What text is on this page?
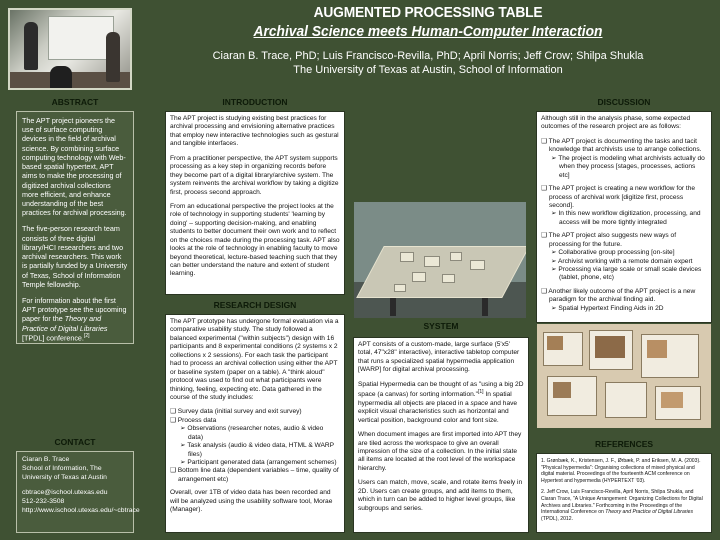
AUGMENTED PROCESSING TABLE
Archival Science meets Human-Computer Interaction
Ciaran B. Trace, PhD; Luis Francisco-Revilla, PhD; April Norris; Jeff Crow; Shilpa Shukla
The University of Texas at Austin, School of Information
ABSTRACT

The APT project pioneers the use of surface computing devices in the field of archival science. By combining surface computing technology with Web-based spatial hypertext, APT aims to make the processing of digitized archival collections more efficient, and enhance understanding of the best practices for archival processing.

The five-person research team consists of three digital library/HCI researchers and two archival researchers. This work is partially funded by a University of Texas, School of Information Temple fellowship.

For information about the first APT prototype see the upcoming paper for the Theory and Practice of Digital Libraries [TPDL] conference.[2]

CONTACT
Ciaran B. Trace
School of Information, The University of Texas at Austin
cbtrace@ischool.utexas.edu
512-232-3508
http://www.ischool.utexas.edu/~cbtrace
INTRODUCTION

The APT project is studying existing best practices for archival processing and envisioning alternative practices that employ new interactive technologies such as gestural and tangible interfaces.

From a practitioner perspective, the APT system supports processing as a key step in organizing records before they become part of a digital library/archive system. The system reinvents the archival workflow by taking a digitize first, process second approach.

From an educational perspective the project looks at the role of technology in supporting students' 'learning by doing' – supporting decision-making, and enabling students to better document their own work and to reflect on the choices made during the processing task. APT also looks at the role of technology in enabling faculty to move beyond theoretical, lecture-based teaching such that they can better understand the nature and extent of student learning.

RESEARCH DESIGN

The APT prototype has undergone formal evaluation via a comparative usability study. The study followed a balanced experimental ("within subjects") design with 16 participants and 8 experimental conditions (2 systems x 2 collections x 2 sessions). For each task the participant had to process an archival collection using either the APT or baseline system (paper on a table). A "think aloud" protocol was used to find out what participants were thinking, feeling, expecting etc. Data gathered in the course of the study includes:

❑ Survey data (initial survey and exit survey)
❑ Process data
➢ Observations (researcher notes, audio & video data)
➢ Task analysis (audio & video data, HTML & WARP files)
➢ Participant generated data (arrangement schemes)
❑ Bottom line data (dependent variables – time, quality of arrangement etc)

Overall, over 1TB of video data has been recorded and will be analyzed using the usability software tool, Morae (Manager).

SYSTEM

APT consists of a custom-made, large surface (5'x5' total, 47"x28" interactive), interactive tabletop computer that runs a specialized spatial hypermedia application [WARP] for digital archival processing.

Spatial Hypermedia can be thought of as "using a big 2D space (a canvas) for sorting information."[1] In spatial hypermedia all objects are placed in a space and have explicit visual characteristics such as horizontal and vertical position, background color and font size.

When document images are first imported into APT they are tiled across the workspace to give an overall impression of the size of a collection. In the initial state all items are located at the root level of the workspace hierarchy.

Users can match, move, scale, and rotate items freely in 2D. Users can create groups, and add items to them, which in turn can be added to higher level groups, like subgroups and series.

DISCUSSION

Although still in the analysis phase, some expected outcomes of the research project are as follows:

❑ The APT project is documenting the tasks and tacit knowledge that archivists use to arrange collections.
➢ The project is modeling what archivists actually do when they process [stages, processes, actions etc]
❑ The APT project is creating a new workflow for the process of archival work [digitize first, process second].
➢ In this new workflow digitization, processing, and access will be more tightly integrated
❑ The APT project also suggests new ways of processing for the future.
➢ Collaborative group processing [on-site]
➢ Archivist working with a remote domain expert
➢ Processing via large scale or small scale devices (tablet, phone, etc)
❑ Another likely outcome of the APT project is a new paradigm for the archival finding aid.
➢ Spatial Hypertext Finding Aids in 2D
REFERENCES

1. Grønbæk, K., Kristensen, J. F., Ørbæk, P. and Eriksen, M. A. (2003). "Physical hypermedia": Organising collections of mixed physical and digital material. Proceedings of the fourteenth ACM conference on Hypertext and hypermedia (HYPERTEXT '03).

2. Jeff Crow, Luis Francisco-Revilla, April Norris, Shilpa Shukla, and Ciaran Trace, "A Unique Arrangement: Organizing Collections for Digital Archives and Libraries." Forthcoming in the Proceedings of the International Conference on Theory and Practice of Digital Libraries (TPDL), 2012.
